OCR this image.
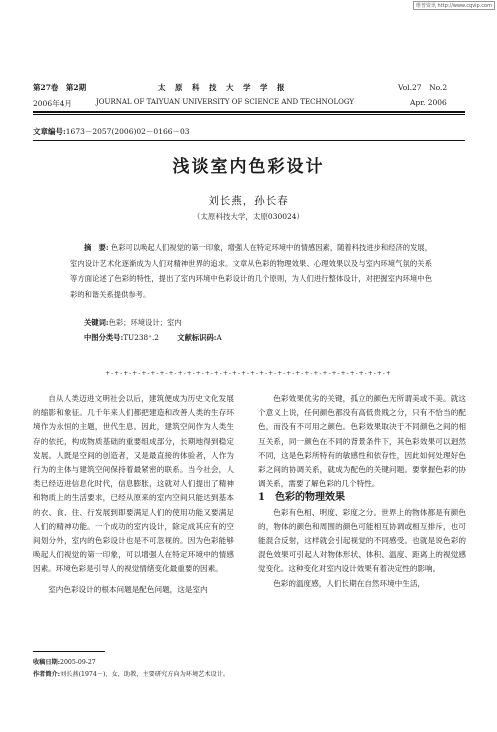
维普资讯 http://www.cqvip.com
第27卷　第2期	太　原　科　技　大　学　学　报	Vol.27　No.2
2006年4月	JOURNAL OF TAIYUAN UNIVERSITY OF SCIENCE AND TECHNOLOGY	Apr. 2006
文章编号:1673－2057(2006)02－0166－03
浅谈室内色彩设计
刘长燕，孙长春
（太原科技大学，太原030024）
摘　要: 色彩可以唤起人们视觉的第一印象，增强人在特定环境中的情感因素，随着科技进步和经济的发展，室内设计艺术化逐渐成为人们对精神世界的追求。文章从色彩的物理效果、心理效果以及与室内环境气氛的关系等方面论述了色彩的特性，提出了室内环境中色彩设计的几个原则，为人们进行整体设计，对把握室内环境中色彩的和谐关系提供参考。
关键词:色彩；环境设计；室内
中图分类号:TU238⁺.2	文献标识码:A
+-+-+-+-+-+-+-+-+-+-+-+-+-+-+-+-+-+-+-+-+-+-+-+-+-+-+-+-+-+-+-+

自从人类迈进文明社会以后，建筑便成为历史文化发展的缩影和象征。几千年来人们都把建造和改善人类的生存环境作为永恒的主题，世代生息。因此，建筑空间作为人类生存的依托，构成物质基础的重要组成部分，长期地得到稳定发展。人既是空间的创造者，又是最直接的体验者，人作为行为的主体与建筑空间保持着最紧密的联系。当今社会，人类已经迈进信息化时代，信息膨胀，这就对人们提出了精神和物质上的生活要求，已经从原来的室内空间只能达到基本的衣、食、住、行发展到即要满足人们的使用功能又要满足人们的精神功能。一个成功的室内设计，除定成其应有的空间划分外，室内的色彩设计也是不可忽视的。因为色彩能够唤起人们视觉的第一印象，可以增强人在特定环境中的情感因素。环境色彩是引导人的视觉情绪变化最重要的因素。

室内色彩设计的根本问题是配色问题，这是室内

色彩效果优劣的关键，孤立的颜色无所谓美或不美。就这个意义上说，任何颜色都没有高低贵贱之分，只有不恰当的配色，而没有不可用之颜色。色彩效果取决于不同颜色之间的相互关系，同一颜色在不同的背景条件下，其色彩效果可以迥然不同，这是色彩所特有的敏感性和依存性，因此如何处理好色彩之间的协调关系，就成为配色的关键问题。要掌握色彩的协调关系，需要了解色彩的几个特性。

1　色彩的物理效果

色彩有色相、明度、彩度之分。世界上的物体都是有颜色的，物体的颜色和周围的颜色可能相互协调或相互排斥，也可能混合反射，这样就会引起视觉的不同感受。也就是说色彩的混色效果可引起人对物体形状、体积、温度、距离上的视觉感觉变化。这种变化对室内设计效果有着决定性的影响。

色彩的温度感，人们长期在自然环境中生活，

收稿日期:2005-09-27
作者简介:刘长燕(1974－)，女，助教，主要研究方向为环境艺术设计。
